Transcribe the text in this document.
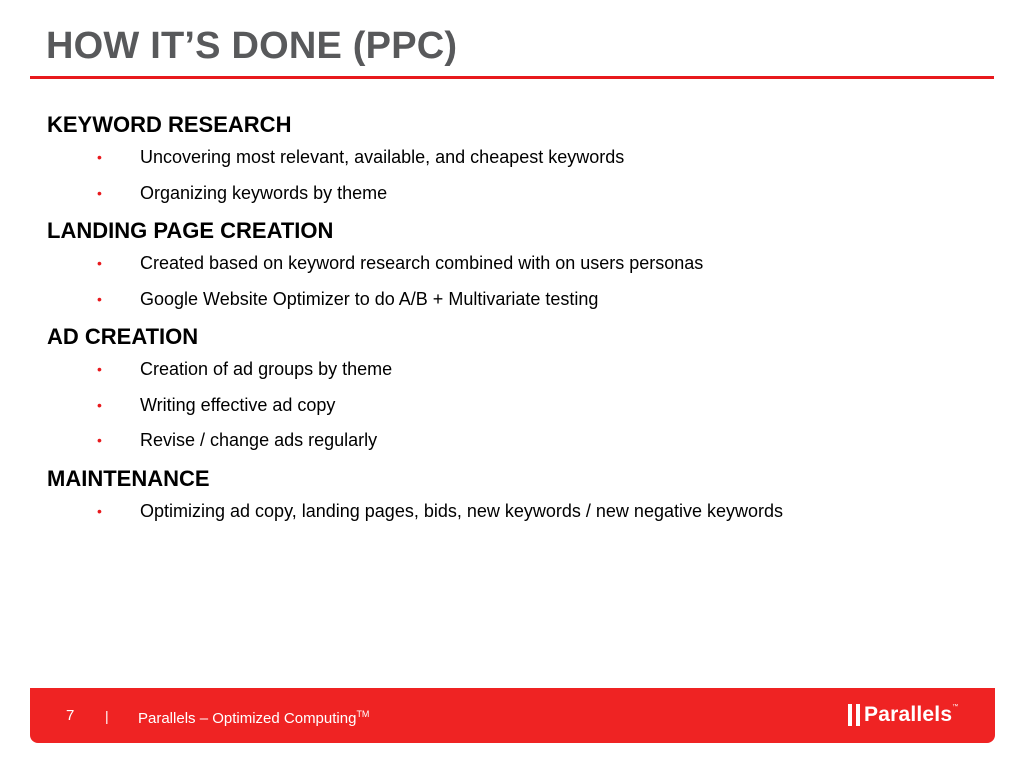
HOW IT’S DONE (PPC)
KEYWORD RESEARCH
• Uncovering most relevant, available, and cheapest keywords
• Organizing keywords by theme
LANDING PAGE CREATION
• Created based on keyword research combined with on users personas
• Google Website Optimizer to do A/B + Multivariate testing
AD CREATION
• Creation of ad groups by theme
• Writing effective ad copy
• Revise / change ads regularly
MAINTENANCE
• Optimizing ad copy, landing pages, bids, new keywords / new negative keywords
7 | Parallels – Optimized Computing™	Parallels ™
